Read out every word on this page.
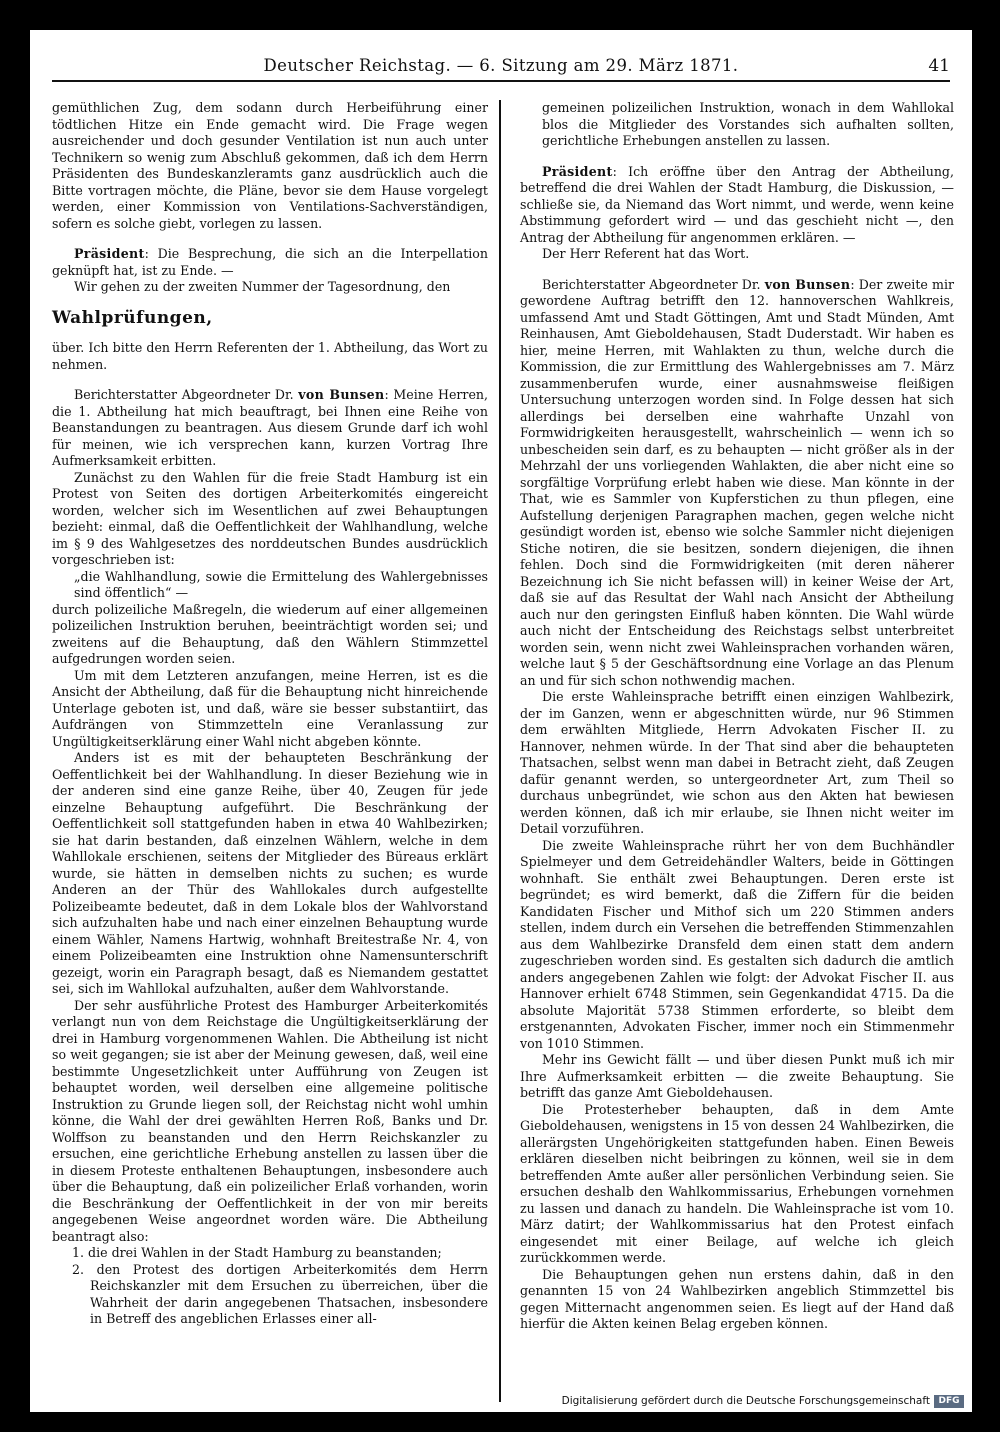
Deutscher Reichstag. — 6. Sitzung am 29. März 1871.	41

gemüthlichen Zug, dem sodann durch Herbeiführung einer tödtlichen Hitze ein Ende gemacht wird. Die Frage wegen ausreichender und doch gesunder Ventilation ist nun auch unter Technikern so wenig zum Abschluß gekommen, daß ich dem Herrn Präsidenten des Bundeskanzleramts ganz ausdrücklich auch die Bitte vortragen möchte, die Pläne, bevor sie dem Hause vorgelegt werden, einer Kommission von Ventilations-Sachverständigen, sofern es solche giebt, vorlegen zu lassen.

Präsident: Die Besprechung, die sich an die Interpellation geknüpft hat, ist zu Ende. —

Wir gehen zu der zweiten Nummer der Tagesordnung, den

Wahlprüfungen,

über. Ich bitte den Herrn Referenten der 1. Abtheilung, das Wort zu nehmen.

Berichterstatter Abgeordneter Dr. von Bunsen: Meine Herren, die 1. Abtheilung hat mich beauftragt, bei Ihnen eine Reihe von Beanstandungen zu beantragen. Aus diesem Grunde darf ich wohl für meinen, wie ich versprechen kann, kurzen Vortrag Ihre Aufmerksamkeit erbitten.

Zunächst zu den Wahlen für die freie Stadt Hamburg ist ein Protest von Seiten des dortigen Arbeiterkomités eingereicht worden, welcher sich im Wesentlichen auf zwei Behauptungen bezieht: einmal, daß die Oeffentlichkeit der Wahlhandlung, welche im § 9 des Wahlgesetzes des norddeutschen Bundes ausdrücklich vorgeschrieben ist:

„die Wahlhandlung, sowie die Ermittelung des Wahlergebnisses sind öffentlich“ —

durch polizeiliche Maßregeln, die wiederum auf einer allgemeinen polizeilichen Instruktion beruhen, beeinträchtigt worden sei; und zweitens auf die Behauptung, daß den Wählern Stimmzettel aufgedrungen worden seien.

Um mit dem Letzteren anzufangen, meine Herren, ist es die Ansicht der Abtheilung, daß für die Behauptung nicht hinreichende Unterlage geboten ist, und daß, wäre sie besser substantiirt, das Aufdrängen von Stimmzetteln eine Veranlassung zur Ungültigkeitserklärung einer Wahl nicht abgeben könnte.

Anders ist es mit der behaupteten Beschränkung der Oeffentlichkeit bei der Wahlhandlung. In dieser Beziehung wie in der anderen sind eine ganze Reihe, über 40, Zeugen für jede einzelne Behauptung aufgeführt. Die Beschränkung der Oeffentlichkeit soll stattgefunden haben in etwa 40 Wahlbezirken; sie hat darin bestanden, daß einzelnen Wählern, welche in dem Wahllokale erschienen, seitens der Mitglieder des Büreaus erklärt wurde, sie hätten in demselben nichts zu suchen; es wurde Anderen an der Thür des Wahllokales durch aufgestellte Polizeibeamte bedeutet, daß in dem Lokale blos der Wahlvorstand sich aufzuhalten habe und nach einer einzelnen Behauptung wurde einem Wähler, Namens Hartwig, wohnhaft Breitestraße Nr. 4, von einem Polizeibeamten eine Instruktion ohne Namensunterschrift gezeigt, worin ein Paragraph besagt, daß es Niemandem gestattet sei, sich im Wahllokal aufzuhalten, außer dem Wahlvorstande.

Der sehr ausführliche Protest des Hamburger Arbeiterkomités verlangt nun von dem Reichstage die Ungültigkeitserklärung der drei in Hamburg vorgenommenen Wahlen. Die Abtheilung ist nicht so weit gegangen; sie ist aber der Meinung gewesen, daß, weil eine bestimmte Ungesetzlichkeit unter Aufführung von Zeugen ist behauptet worden, weil derselben eine allgemeine politische Instruktion zu Grunde liegen soll, der Reichstag nicht wohl umhin könne, die Wahl der drei gewählten Herren Roß, Banks und Dr. Wolffson zu beanstanden und den Herrn Reichskanzler zu ersuchen, eine gerichtliche Erhebung anstellen zu lassen über die in diesem Proteste enthaltenen Behauptungen, insbesondere auch über die Behauptung, daß ein polizeilicher Erlaß vorhanden, worin die Beschränkung der Oeffentlichkeit in der von mir bereits angegebenen Weise angeordnet worden wäre. Die Abtheilung beantragt also:

1. die drei Wahlen in der Stadt Hamburg zu beanstanden;

2. den Protest des dortigen Arbeiterkomités dem Herrn Reichskanzler mit dem Ersuchen zu überreichen, über die Wahrheit der darin angegebenen Thatsachen, insbesondere in Betreff des angeblichen Erlasses einer all-

gemeinen polizeilichen Instruktion, wonach in dem Wahllokal blos die Mitglieder des Vorstandes sich aufhalten sollten, gerichtliche Erhebungen anstellen zu lassen.

Präsident: Ich eröffne über den Antrag der Abtheilung, betreffend die drei Wahlen der Stadt Hamburg, die Diskussion, — schließe sie, da Niemand das Wort nimmt, und werde, wenn keine Abstimmung gefordert wird — und das geschieht nicht —, den Antrag der Abtheilung für angenommen erklären. —

Der Herr Referent hat das Wort.

Berichterstatter Abgeordneter Dr. von Bunsen: Der zweite mir gewordene Auftrag betrifft den 12. hannoverschen Wahlkreis, umfassend Amt und Stadt Göttingen, Amt und Stadt Münden, Amt Reinhausen, Amt Gieboldehausen, Stadt Duderstadt. Wir haben es hier, meine Herren, mit Wahlakten zu thun, welche durch die Kommission, die zur Ermittlung des Wahlergebnisses am 7. März zusammenberufen wurde, einer ausnahmsweise fleißigen Untersuchung unterzogen worden sind. In Folge dessen hat sich allerdings bei derselben eine wahrhafte Unzahl von Formwidrigkeiten herausgestellt, wahrscheinlich — wenn ich so unbescheiden sein darf, es zu behaupten — nicht größer als in der Mehrzahl der uns vorliegenden Wahlakten, die aber nicht eine so sorgfältige Vorprüfung erlebt haben wie diese. Man könnte in der That, wie es Sammler von Kupferstichen zu thun pflegen, eine Aufstellung derjenigen Paragraphen machen, gegen welche nicht gesündigt worden ist, ebenso wie solche Sammler nicht diejenigen Stiche notiren, die sie besitzen, sondern diejenigen, die ihnen fehlen. Doch sind die Formwidrigkeiten (mit deren näherer Bezeichnung ich Sie nicht befassen will) in keiner Weise der Art, daß sie auf das Resultat der Wahl nach Ansicht der Abtheilung auch nur den geringsten Einfluß haben könnten. Die Wahl würde auch nicht der Entscheidung des Reichstags selbst unterbreitet worden sein, wenn nicht zwei Wahleinsprachen vorhanden wären, welche laut § 5 der Geschäftsordnung eine Vorlage an das Plenum an und für sich schon nothwendig machen.

Die erste Wahleinsprache betrifft einen einzigen Wahlbezirk, der im Ganzen, wenn er abgeschnitten würde, nur 96 Stimmen dem erwählten Mitgliede, Herrn Advokaten Fischer II. zu Hannover, nehmen würde. In der That sind aber die behaupteten Thatsachen, selbst wenn man dabei in Betracht zieht, daß Zeugen dafür genannt werden, so untergeordneter Art, zum Theil so durchaus unbegründet, wie schon aus den Akten hat bewiesen werden können, daß ich mir erlaube, sie Ihnen nicht weiter im Detail vorzuführen.

Die zweite Wahleinsprache rührt her von dem Buchhändler Spielmeyer und dem Getreidehändler Walters, beide in Göttingen wohnhaft. Sie enthält zwei Behauptungen. Deren erste ist begründet; es wird bemerkt, daß die Ziffern für die beiden Kandidaten Fischer und Mithof sich um 220 Stimmen anders stellen, indem durch ein Versehen die betreffenden Stimmenzahlen aus dem Wahlbezirke Dransfeld dem einen statt dem andern zugeschrieben worden sind. Es gestalten sich dadurch die amtlich anders angegebenen Zahlen wie folgt: der Advokat Fischer II. aus Hannover erhielt 6748 Stimmen, sein Gegenkandidat 4715. Da die absolute Majorität 5738 Stimmen erforderte, so bleibt dem erstgenannten, Advokaten Fischer, immer noch ein Stimmenmehr von 1010 Stimmen.

Mehr ins Gewicht fällt — und über diesen Punkt muß ich mir Ihre Aufmerksamkeit erbitten — die zweite Behauptung. Sie betrifft das ganze Amt Gieboldehausen.

Die Protesterheber behaupten, daß in dem Amte Gieboldehausen, wenigstens in 15 von dessen 24 Wahlbezirken, die allerärgsten Ungehörigkeiten stattgefunden haben. Einen Beweis erklären dieselben nicht beibringen zu können, weil sie in dem betreffenden Amte außer aller persönlichen Verbindung seien. Sie ersuchen deshalb den Wahlkommissarius, Erhebungen vornehmen zu lassen und danach zu handeln. Die Wahleinsprache ist vom 10. März datirt; der Wahlkommissarius hat den Protest einfach eingesendet mit einer Beilage, auf welche ich gleich zurückkommen werde.

Die Behauptungen gehen nun erstens dahin, daß in den genannten 15 von 24 Wahlbezirken angeblich Stimmzettel bis gegen Mitternacht angenommen seien. Es liegt auf der Hand daß hierfür die Akten keinen Belag ergeben können.

Digitalisierung gefördert durch die Deutsche Forschungsgemeinschaft DFG
